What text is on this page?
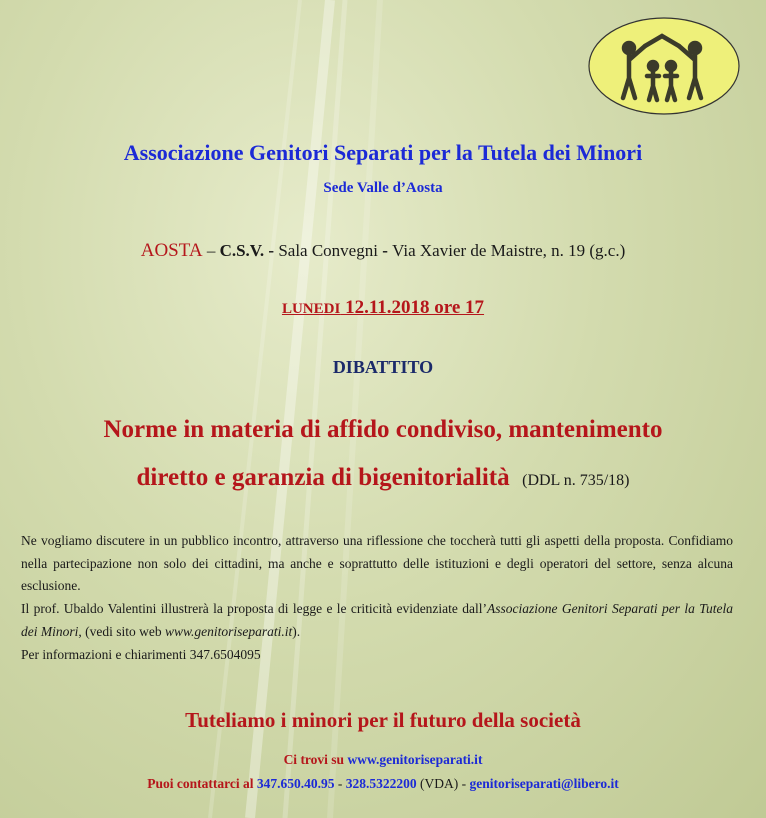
Associazione Genitori Separati per la Tutela dei Minori
Sede Valle d’Aosta
AOSTA – C.S.V. - Sala Convegni - Via Xavier de Maistre, n. 19 (g.c.)
LUNEDI 12.11.2018 ore 17
DIBATTITO
Norme in materia di affido condiviso, mantenimento
diretto e garanzia di bigenitorialità (DDL n. 735/18)

Ne vogliamo discutere in un pubblico incontro, attraverso una riflessione che toccherà tutti gli aspetti della proposta. Confidiamo nella partecipazione non solo dei cittadini, ma anche e soprattutto delle istituzioni e degli operatori del settore, senza alcuna esclusione.

Il prof. Ubaldo Valentini illustrerà la proposta di legge e le criticità evidenziate dall’Associazione Genitori Separati per la Tutela dei Minori, (vedi sito web www.genitoriseparati.it).

Per informazioni e chiarimenti 347.6504095

Tuteliamo i minori per il futuro della società
Ci trovi su www.genitoriseparati.it
Puoi contattarci al 347.650.40.95 - 328.5322200 (VDA) - genitoriseparati@libero.it
